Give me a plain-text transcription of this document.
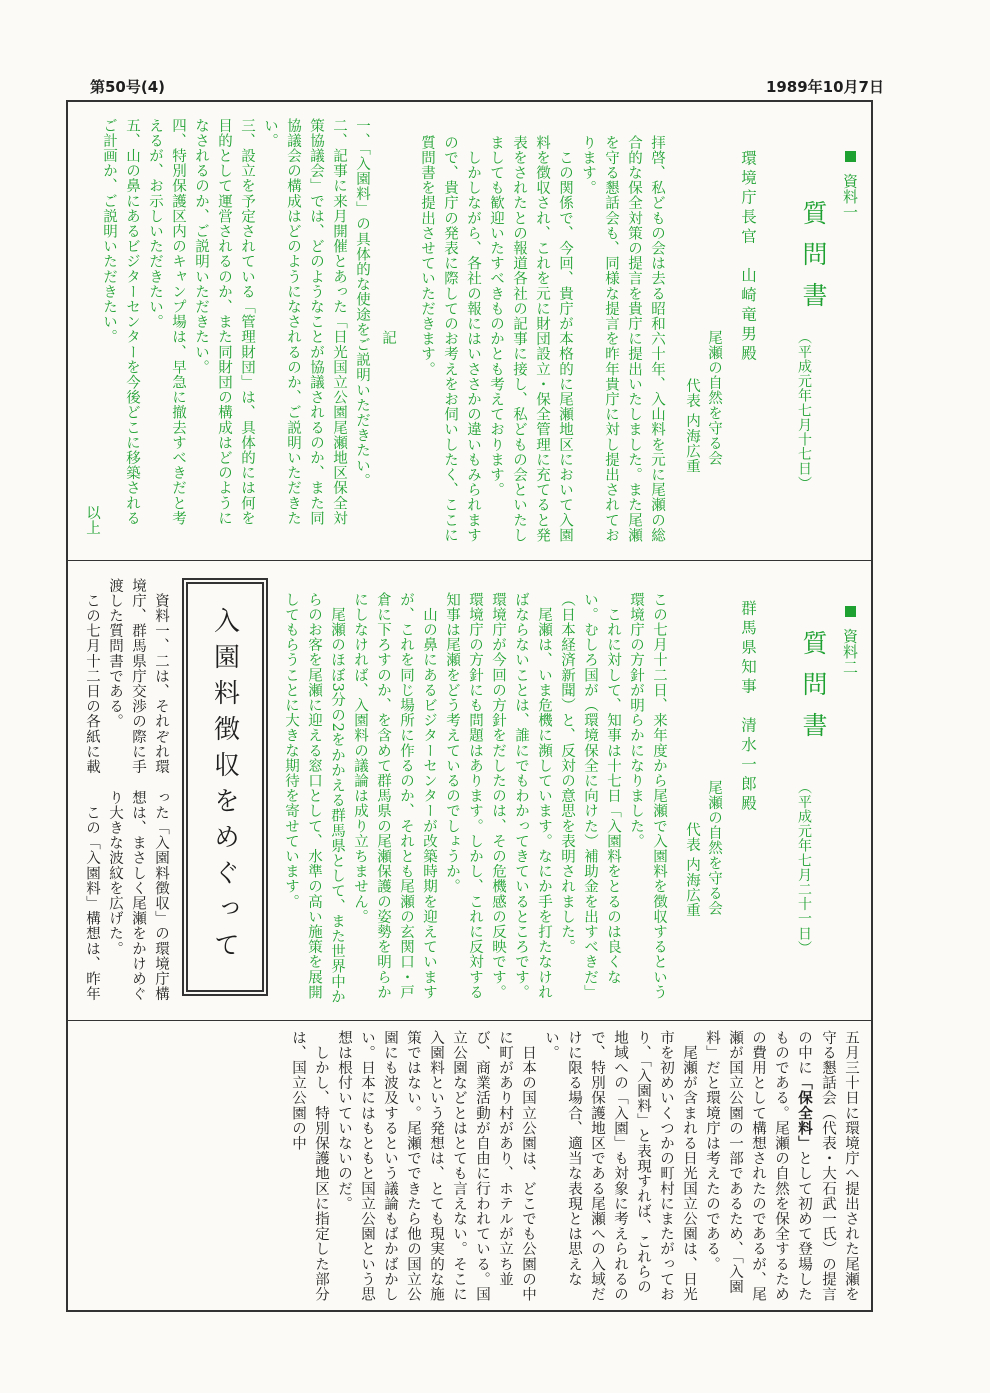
第50号(4)	1989年10月7日

資料一

質問書
（平成元年七月十七日）
環境庁長官　山崎竜男殿
尾瀬の自然を守る会
代表 内海広重
拝啓、私どもの会は去る昭和六十年、入山料を元に尾瀬の総合的な保全対策の提言を貴庁に提出いたしました。また尾瀬を守る懇話会も、同様な提言を昨年貴庁に対し提出されております。
　この関係で、今回、貴庁が本格的に尾瀬地区において入園料を徴収され、これを元に財団設立・保全管理に充てると発表をされたとの報道各社の記事に接し、私どもの会といたしましても歓迎いたすべきものかとも考えております。
　しかしながら、各社の報にはいささかの違いもみられますので、貴庁の発表に際してのお考えをお伺いしたく、ここに質問書を提出させていただきます。
記
一、「入園料」の具体的な使途をご説明いただきたい。
二、記事に来月開催とあった「日光国立公園尾瀬地区保全対策協議会」では、どのようなことが協議されるのか、また同協議会の構成はどのようになされるのか、ご説明いただきたい。
三、設立を予定されている「管理財団」は、具体的には何を目的として運営されるのか、また同財団の構成はどのようになされるのか、ご説明いただきたい。
四、特別保護区内のキャンプ場は、早急に撤去すべきだと考えるが、お示しいただきたい。
五、山の鼻にあるビジターセンターを今後どこに移築されるご計画か、ご説明いただきたい。
以上

資料二

質問書
（平成元年七月二十一日）
群馬県知事　清水一郎殿
尾瀬の自然を守る会
代表 内海広重
この七月十二日、来年度から尾瀬で入園料を徴収するという環境庁の方針が明らかになりました。
　これに対して、知事は十七日「入園料をとるのは良くない。むしろ国が（環境保全に向けた）補助金を出すべきだ」（日本経済新聞）と、反対の意思を表明されました。
　尾瀬は、いま危機に瀕しています。なにか手を打たなければならないことは、誰にでもわかってきているところです。環境庁が今回の方針をだしたのは、その危機感の反映です。環境庁の方針にも問題はあります。しかし、これに反対する知事は尾瀬をどう考えているのでしょうか。
　山の鼻にあるビジターセンターが改築時期を迎えていますが、これを同じ場所に作るのか、それとも尾瀬の玄関口・戸倉に下ろすのか、を含めて群馬県の尾瀬保護の姿勢を明らかにしなければ、入園料の議論は成り立ちません。
　尾瀬のほぼ3分の2をかかえる群馬県として、また世界中からのお客を尾瀬に迎える窓口として、水準の高い施策を展開してもらうことに大きな期待を寄せています。
入園料徴収をめぐって
　資料一、二は、それぞれ環境庁、群馬県庁交渉の際に手渡した質問書である。
　この七月十二日の各紙に載
った「入園料徴収」の環境庁構想は、まさしく尾瀬をかけめぐり大きな波紋を広げた。
　この「入園料」構想は、昨年
五月三十日に環境庁へ提出された尾瀬を守る懇話会（代表・大石武一氏）の提言の中に「保全料」として初めて登場したものである。尾瀬の自然を保全するための費用として構想されたのであるが、尾瀬が国立公園の一部であるため、「入園料」だと環境庁は考えたのである。
　尾瀬が含まれる日光国立公園は、日光市を初めいくつかの町村にまたがっており、「入園料」と表現すれば、これらの地域への「入園」も対象に考えられるので、特別保護地区である尾瀬への入域だけに限る場合、適当な表現とは思えない。
　日本の国立公園は、どこでも公園の中に町があり村があり、ホテルが立ち並び、商業活動が自由に行われている。国立公園などとはとても言えない。そこに入園料という発想は、とても現実的な施策ではない。尾瀬でできたら他の国立公園にも波及するという議論もばかばかしい。日本にはもともと国立公園という思想は根付いていないのだ。
　しかし、特別保護地区に指定した部分は、国立公園の中
